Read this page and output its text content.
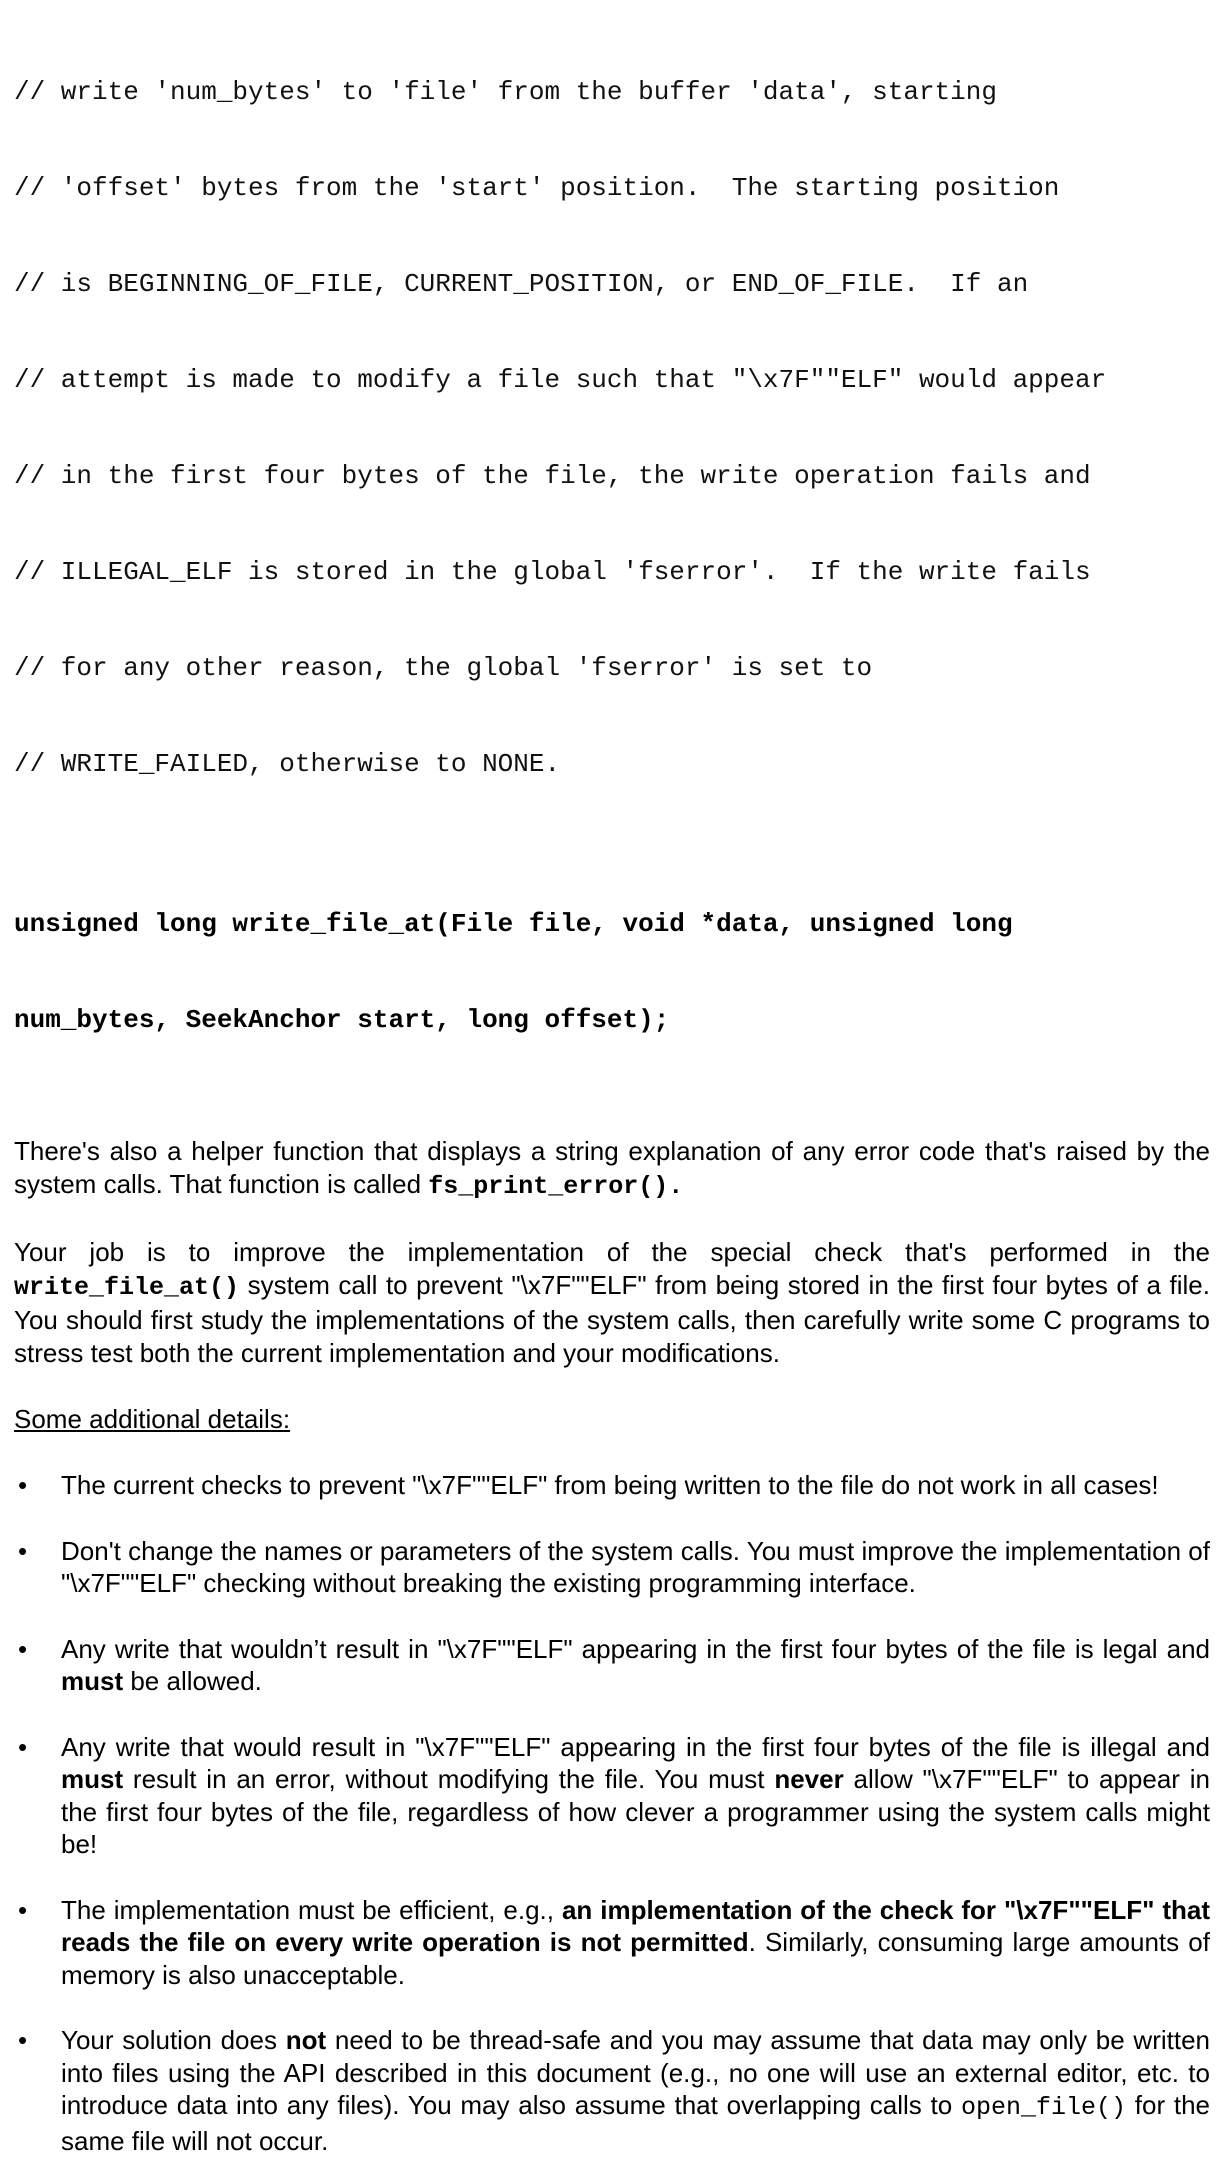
// write 'num_bytes' to 'file' from the buffer 'data', starting

// 'offset' bytes from the 'start' position.  The starting position

// is BEGINNING_OF_FILE, CURRENT_POSITION, or END_OF_FILE.  If an

// attempt is made to modify a file such that "\x7F""ELF" would appear

// in the first four bytes of the file, the write operation fails and

// ILLEGAL_ELF is stored in the global 'fserror'.  If the write fails

// for any other reason, the global 'fserror' is set to

// WRITE_FAILED, otherwise to NONE.

unsigned long write_file_at(File file, void *data, unsigned long

num_bytes, SeekAnchor start, long offset);

There's also a helper function that displays a string explanation of any error code that's raised by the system calls. That function is called fs_print_error().

Your job is to improve the implementation of the special check that's performed in the write_file_at() system call to prevent "\x7F""ELF" from being stored in the first four bytes of a file. You should first study the implementations of the system calls, then carefully write some C programs to stress test both the current implementation and your modifications.

Some additional details:

•	The current checks to prevent "\x7F""ELF" from being written to the file do not work in all cases!
•	Don't change the names or parameters of the system calls. You must improve the implementation of "\x7F""ELF" checking without breaking the existing programming interface.
•	Any write that wouldn’t result in "\x7F""ELF" appearing in the first four bytes of the file is legal and must be allowed.
•	Any write that would result in "\x7F""ELF" appearing in the first four bytes of the file is illegal and must result in an error, without modifying the file. You must never allow "\x7F""ELF" to appear in the first four bytes of the file, regardless of how clever a programmer using the system calls might be!
•	The implementation must be efficient, e.g., an implementation of the check for "\x7F""ELF" that reads the file on every write operation is not permitted. Similarly, consuming large amounts of memory is also unacceptable.
•	Your solution does not need to be thread-safe and you may assume that data may only be written into files using the API described in this document (e.g., no one will use an external editor, etc. to introduce data into any files). You may also assume that overlapping calls to open_file() for the same file will not occur.
